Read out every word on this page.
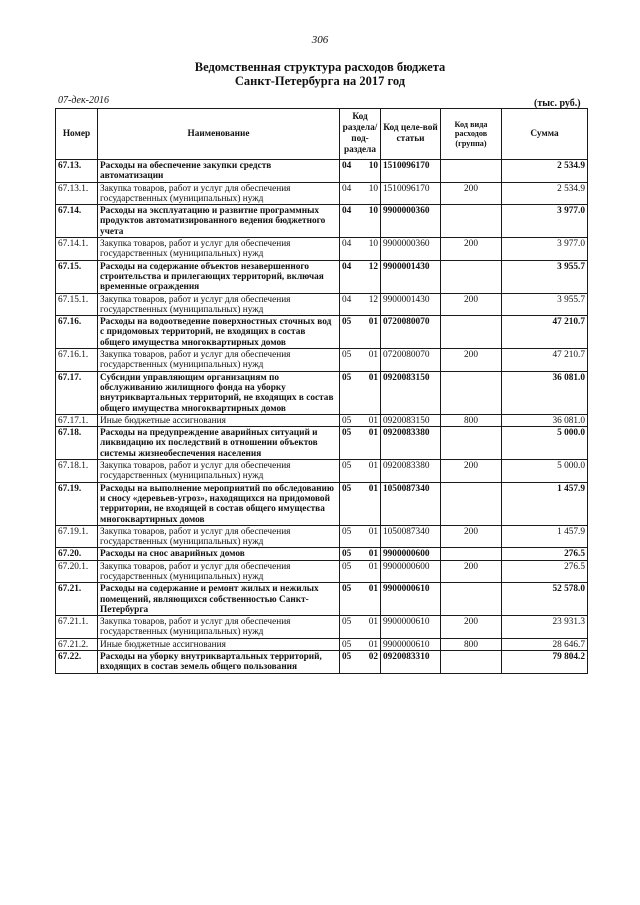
306
Ведомственная структура расходов бюджета
Санкт-Петербурга на 2017 год
07-дек-2016	(тыс. руб.)
Номер	Наименование	Код раздела/ под-раздела	Код целе-вой статьи	Код вида расходов (группа)	Сумма
67.13.	Расходы на обеспечение закупки средств автоматизации	04 10	1510096170		2 534.9
67.13.1.	Закупка товаров, работ и услуг для обеспечения государственных (муниципальных) нужд	04 10	1510096170	200	2 534.9
67.14.	Расходы на эксплуатацию и развитие программных продуктов автоматизированного ведения бюджетного учета	04 10	9900000360		3 977.0
67.14.1.	Закупка товаров, работ и услуг для обеспечения государственных (муниципальных) нужд	04 10	9900000360	200	3 977.0
67.15.	Расходы на содержание объектов незавершенного строительства и прилегающих территорий, включая временные ограждения	04 12	9900001430		3 955.7
67.15.1.	Закупка товаров, работ и услуг для обеспечения государственных (муниципальных) нужд	04 12	9900001430	200	3 955.7
67.16.	Расходы на водоотведение поверхностных сточных вод с придомовых территорий, не входящих в состав общего имущества многоквартирных домов	05 01	0720080070		47 210.7
67.16.1.	Закупка товаров, работ и услуг для обеспечения государственных (муниципальных) нужд	05 01	0720080070	200	47 210.7
67.17.	Субсидии управляющим организациям по обслуживанию жилищного фонда на уборку внутриквартальных территорий, не входящих в состав общего имущества многоквартирных домов	05 01	0920083150		36 081.0
67.17.1.	Иные бюджетные ассигнования	05 01	0920083150	800	36 081.0
67.18.	Расходы на предупреждение аварийных ситуаций и ликвидацию их последствий в отношении объектов системы жизнеобеспечения населения	05 01	0920083380		5 000.0
67.18.1.	Закупка товаров, работ и услуг для обеспечения государственных (муниципальных) нужд	05 01	0920083380	200	5 000.0
67.19.	Расходы на выполнение мероприятий по обследованию и сносу «деревьев-угроз», находящихся на придомовой территории, не входящей в состав общего имущества многоквартирных домов	05 01	1050087340		1 457.9
67.19.1.	Закупка товаров, работ и услуг для обеспечения государственных (муниципальных) нужд	05 01	1050087340	200	1 457.9
67.20.	Расходы на снос аварийных домов	05 01	9900000600		276.5
67.20.1.	Закупка товаров, работ и услуг для обеспечения государственных (муниципальных) нужд	05 01	9900000600	200	276.5
67.21.	Расходы на содержание и ремонт жилых и нежилых помещений, являющихся собственностью Санкт-Петербурга	05 01	9900000610		52 578.0
67.21.1.	Закупка товаров, работ и услуг для обеспечения государственных (муниципальных) нужд	05 01	9900000610	200	23 931.3
67.21.2.	Иные бюджетные ассигнования	05 01	9900000610	800	28 646.7
67.22.	Расходы на уборку внутриквартальных территорий, входящих в состав земель общего пользования	05 02	0920083310		79 804.2
